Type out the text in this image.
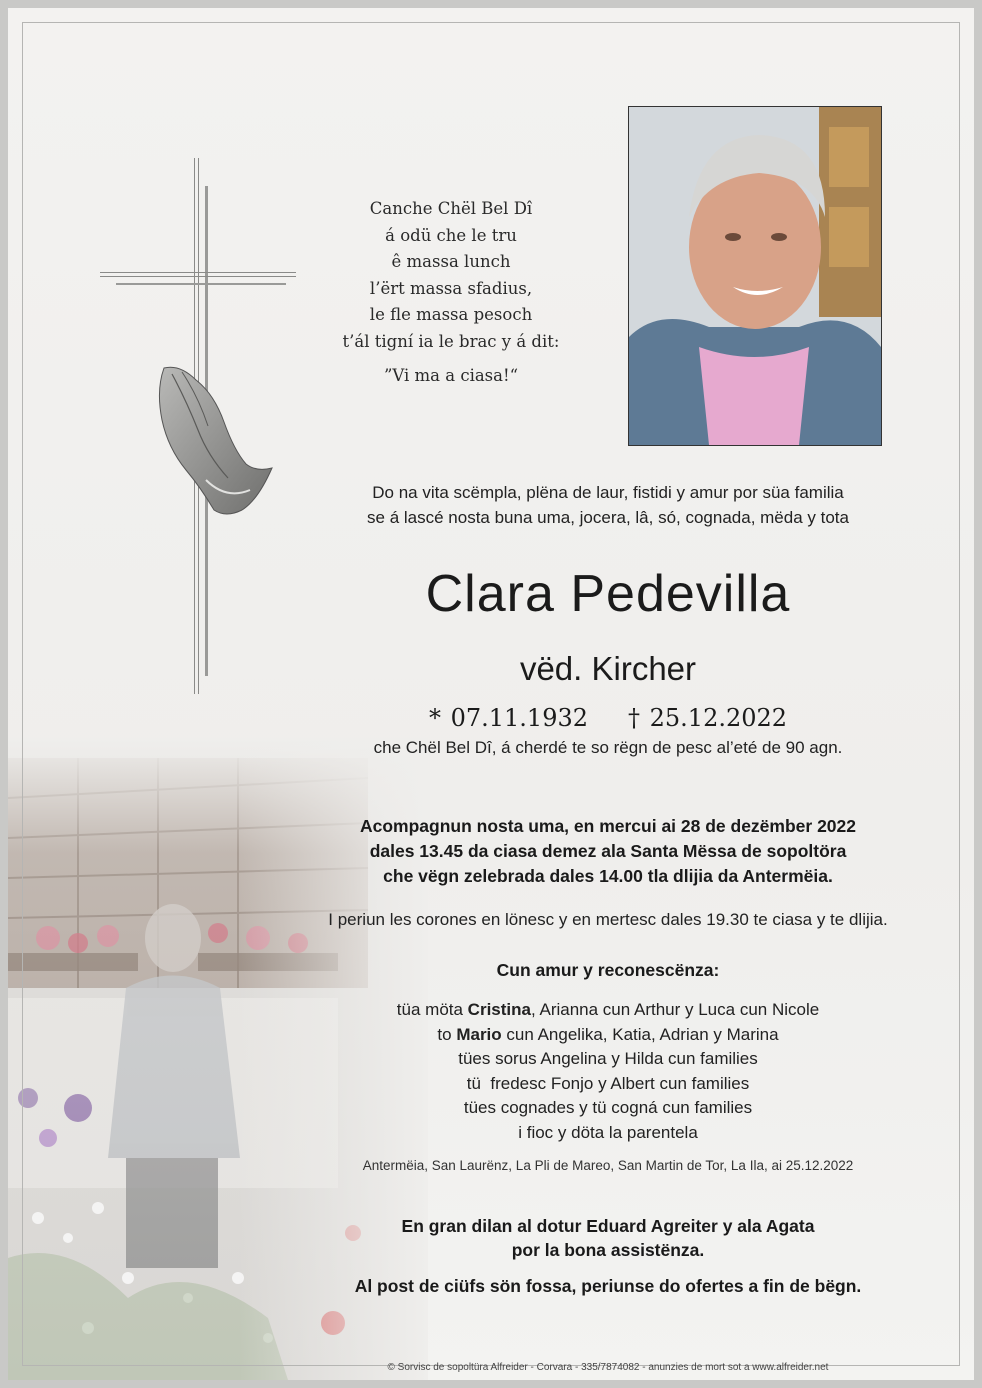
Canche Chël Bel Dî
á odü che le tru
ê massa lunch
l’ërt massa sfadius,
le fle massa pesoch
t’ál tigní ia le brac y á dit:
”Vi ma a ciasa!“
Do na vita scëmpla, plëna de laur, fistidi y amur por süa familia
se á lascé nosta buna uma, jocera, lâ, só, cognada, mëda y tota
Clara Pedevilla
vëd. Kircher
* 07.11.1932 † 25.12.2022
che Chël Bel Dî, á cherdé te so rëgn de pesc al’eté de 90 agn.
Acompagnun nosta uma, en mercui ai 28 de dezëmber 2022
dales 13.45 da ciasa demez ala Santa Mëssa de sopoltöra
che vëgn zelebrada dales 14.00 tla dlijia da Antermëia.
I periun les corones en lönesc y en mertesc dales 19.30 te ciasa y te dlijia.
Cun amur y reconescënza:
tüa möta Cristina, Arianna cun Arthur y Luca cun Nicole
to Mario cun Angelika, Katia, Adrian y Marina
tües sorus Angelina y Hilda cun families
tü  fredesc Fonjo y Albert cun families
tües cognades y tü cogná cun families
i fioc y döta la parentela
Antermëia, San Laurënz, La Pli de Mareo, San Martin de Tor, La Ila, ai 25.12.2022
En gran dilan al dotur Eduard Agreiter y ala Agata
por la bona assistënza.
Al post de ciüfs sön fossa, periunse do ofertes a fin de bëgn.
© Sorvisc de sopoltüra Alfreider - Corvara - 335/7874082 - anunzies de mort sot a www.alfreider.net
